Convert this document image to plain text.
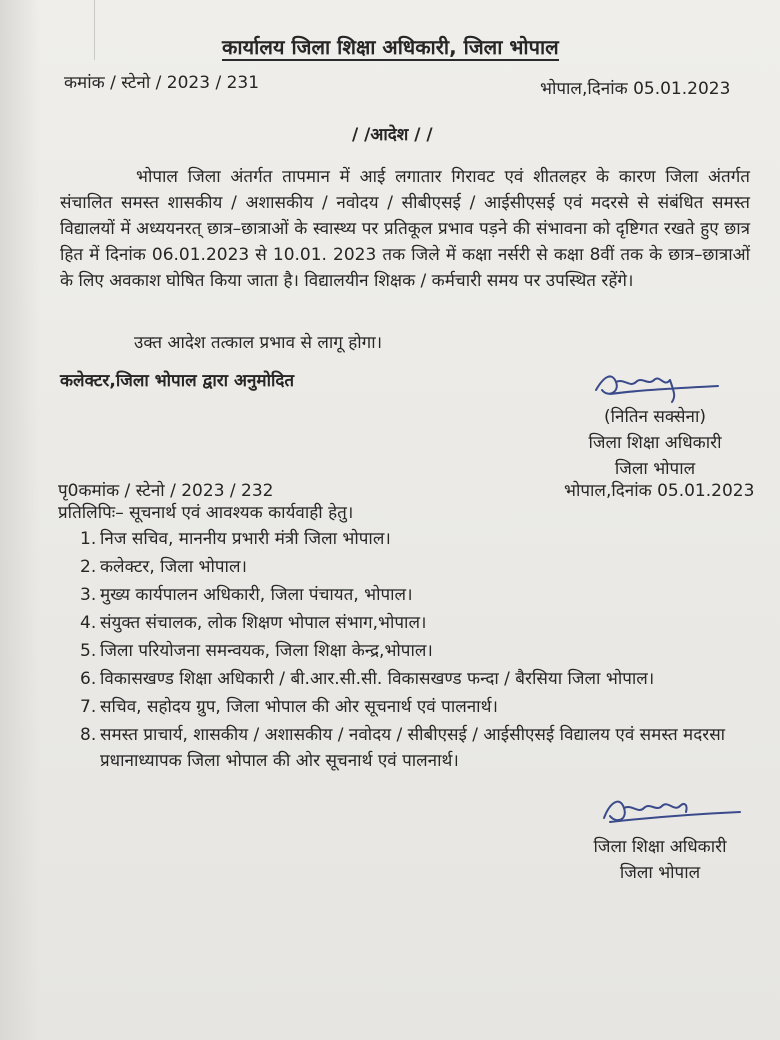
कार्यालय जिला शिक्षा अधिकारी, जिला भोपाल
कमांक / स्टेनो / 2023 / 231	भोपाल,दिनांक 05.01.2023
/ /आदेश / /
भोपाल जिला अंतर्गत तापमान में आई लगातार गिरावट एवं शीतलहर के कारण जिला अंतर्गत संचालित समस्त शासकीय / अशासकीय / नवोदय / सीबीएसई / आईसीएसई एवं मदरसे से संबंधित समस्त विद्यालयों में अध्ययनरत् छात्र–छात्राओं के स्वास्थ्य पर प्रतिकूल प्रभाव पड़ने की संभावना को दृष्टिगत रखते हुए छात्र हित में दिनांक 06.01.2023 से 10.01. 2023 तक जिले में कक्षा नर्सरी से कक्षा 8वीं तक के छात्र–छात्राओं के लिए अवकाश घोषित किया जाता है। विद्यालयीन शिक्षक / कर्मचारी समय पर उपस्थित रहेंगे।
उक्त आदेश तत्काल प्रभाव से लागू होगा।
कलेक्टर,जिला भोपाल द्वारा अनुमोदित
(नितिन सक्सेना)
जिला शिक्षा अधिकारी
जिला भोपाल
पृ0कमांक / स्टेनो / 2023 / 232	भोपाल,दिनांक 05.01.2023
प्रतिलिपिः– सूचनार्थ एवं आवश्यक कार्यवाही हेतु।
1. निज सचिव, माननीय प्रभारी मंत्री जिला भोपाल।
2. कलेक्टर, जिला भोपाल।
3. मुख्य कार्यपालन अधिकारी, जिला पंचायत, भोपाल।
4. संयुक्त संचालक, लोक शिक्षण भोपाल संभाग,भोपाल।
5. जिला परियोजना समन्वयक, जिला शिक्षा केन्द्र,भोपाल।
6. विकासखण्ड शिक्षा अधिकारी / बी.आर.सी.सी. विकासखण्ड फन्दा / बैरसिया जिला भोपाल।
7. सचिव, सहोदय ग्रुप, जिला भोपाल की ओर सूचनार्थ एवं पालनार्थ।
8. समस्त प्राचार्य, शासकीय / अशासकीय / नवोदय / सीबीएसई / आईसीएसई विद्यालय एवं समस्त मदरसा प्रधानाध्यापक जिला भोपाल की ओर सूचनार्थ एवं पालनार्थ।
जिला शिक्षा अधिकारी
जिला भोपाल
